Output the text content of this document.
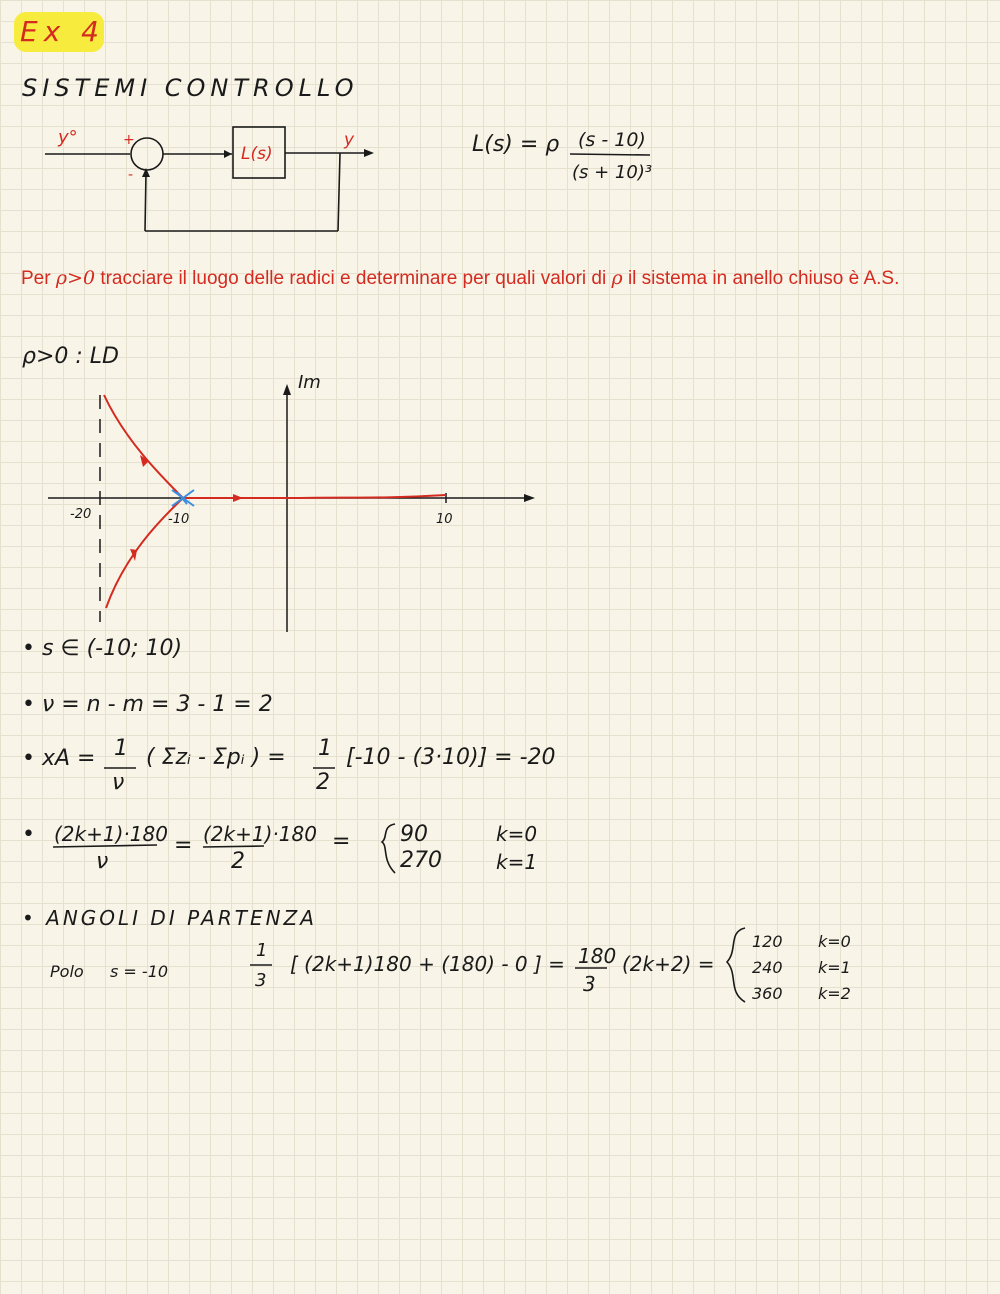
Ex 4
SISTEMI CONTROLLO
y°	+
-
L(s)
y	L(s) = ρ (s - 10)
(s + 10)³
Per ρ>0 tracciare il luogo delle radici e determinare per quali valori di ρ il sistema in anello chiuso è A.S.
ρ>0 : LD
Im
-20	-10	10
• s ∈ (-10; 10)
• ν = n - m = 3 - 1 = 2
• xA = 1
ν
( Σzᵢ - Σpᵢ ) = 1
2
[-10 - (3·10)] = -20
• (2k+1)·180
ν
= (2k+1)·180
2
= 90
270
k=0
k=1
• ANGOLI DI PARTENZA
Polo s = -10
1
3
[ (2k+1)180 + (180) - 0 ] = 180
3
(2k+2) =
120
240
360
k=0
k=1
k=2
